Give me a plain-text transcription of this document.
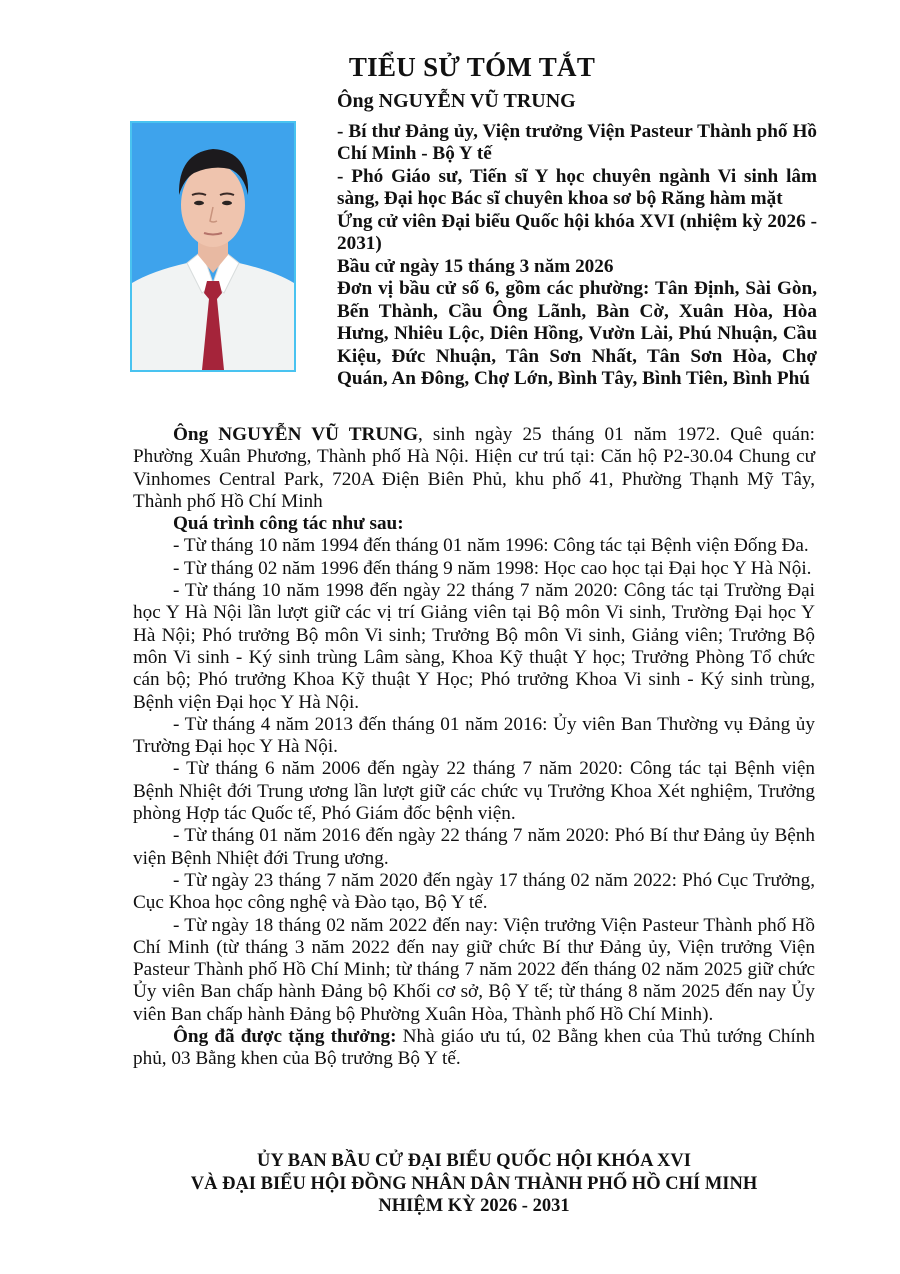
TIỂU SỬ TÓM TẮT
Ông NGUYỄN VŨ TRUNG
- Bí thư Đảng ủy, Viện trưởng Viện Pasteur Thành phố Hồ Chí Minh - Bộ Y tế
- Phó Giáo sư, Tiến sĩ Y học chuyên ngành Vi sinh lâm sàng, Đại học Bác sĩ chuyên khoa sơ bộ Răng hàm mặt
Ứng cử viên Đại biểu Quốc hội khóa XVI (nhiệm kỳ 2026 - 2031)
Bầu cử ngày 15 tháng 3 năm 2026
Đơn vị bầu cử số 6, gồm các phường: Tân Định, Sài Gòn, Bến Thành, Cầu Ông Lãnh, Bàn Cờ, Xuân Hòa, Hòa Hưng, Nhiêu Lộc, Diên Hồng, Vườn Lài, Phú Nhuận, Cầu Kiệu, Đức Nhuận, Tân Sơn Nhất, Tân Sơn Hòa, Chợ Quán, An Đông, Chợ Lớn, Bình Tây, Bình Tiên, Bình Phú

Ông NGUYỄN VŨ TRUNG, sinh ngày 25 tháng 01 năm 1972. Quê quán: Phường Xuân Phương, Thành phố Hà Nội. Hiện cư trú tại: Căn hộ P2-30.04 Chung cư Vinhomes Central Park, 720A Điện Biên Phủ, khu phố 41, Phường Thạnh Mỹ Tây, Thành phố Hồ Chí Minh

Quá trình công tác như sau:

- Từ tháng 10 năm 1994 đến tháng 01 năm 1996: Công tác tại Bệnh viện Đống Đa.

- Từ tháng 02 năm 1996 đến tháng 9 năm 1998: Học cao học tại Đại học Y Hà Nội.

- Từ tháng 10 năm 1998 đến ngày 22 tháng 7 năm 2020: Công tác tại Trường Đại học Y Hà Nội lần lượt giữ các vị trí Giảng viên tại Bộ môn Vi sinh, Trường Đại học Y Hà Nội; Phó trưởng Bộ môn Vi sinh; Trưởng Bộ môn Vi sinh, Giảng viên; Trưởng Bộ môn Vi sinh - Ký sinh trùng Lâm sàng, Khoa Kỹ thuật Y học; Trưởng Phòng Tổ chức cán bộ; Phó trưởng Khoa Kỹ thuật Y Học; Phó trưởng Khoa Vi sinh - Ký sinh trùng, Bệnh viện Đại học Y Hà Nội.

- Từ tháng 4 năm 2013 đến tháng 01 năm 2016: Ủy viên Ban Thường vụ Đảng ủy Trường Đại học Y Hà Nội.

- Từ tháng 6 năm 2006 đến ngày 22 tháng 7 năm 2020: Công tác tại Bệnh viện Bệnh Nhiệt đới Trung ương lần lượt giữ các chức vụ Trưởng Khoa Xét nghiệm, Trưởng phòng Hợp tác Quốc tế, Phó Giám đốc bệnh viện.

- Từ tháng 01 năm 2016 đến ngày 22 tháng 7 năm 2020: Phó Bí thư Đảng ủy Bệnh viện Bệnh Nhiệt đới Trung ương.

- Từ ngày 23 tháng 7 năm 2020 đến ngày 17 tháng 02 năm 2022: Phó Cục Trưởng, Cục Khoa học công nghệ và Đào tạo, Bộ Y tế.

- Từ ngày 18 tháng 02 năm 2022 đến nay: Viện trưởng Viện Pasteur Thành phố Hồ Chí Minh (từ tháng 3 năm 2022 đến nay giữ chức Bí thư Đảng ủy, Viện trưởng Viện Pasteur Thành phố Hồ Chí Minh; từ tháng 7 năm 2022 đến tháng 02 năm 2025 giữ chức Ủy viên Ban chấp hành Đảng bộ Khối cơ sở, Bộ Y tế; từ tháng 8 năm 2025 đến nay Ủy viên Ban chấp hành Đảng bộ Phường Xuân Hòa, Thành phố Hồ Chí Minh).

Ông đã được tặng thưởng: Nhà giáo ưu tú, 02 Bằng khen của Thủ tướng Chính phủ, 03 Bằng khen của Bộ trưởng Bộ Y tế.

ỦY BAN BẦU CỬ ĐẠI BIỂU QUỐC HỘI KHÓA XVI
VÀ ĐẠI BIỂU HỘI ĐỒNG NHÂN DÂN THÀNH PHỐ HỒ CHÍ MINH
NHIỆM KỲ 2026 - 2031
